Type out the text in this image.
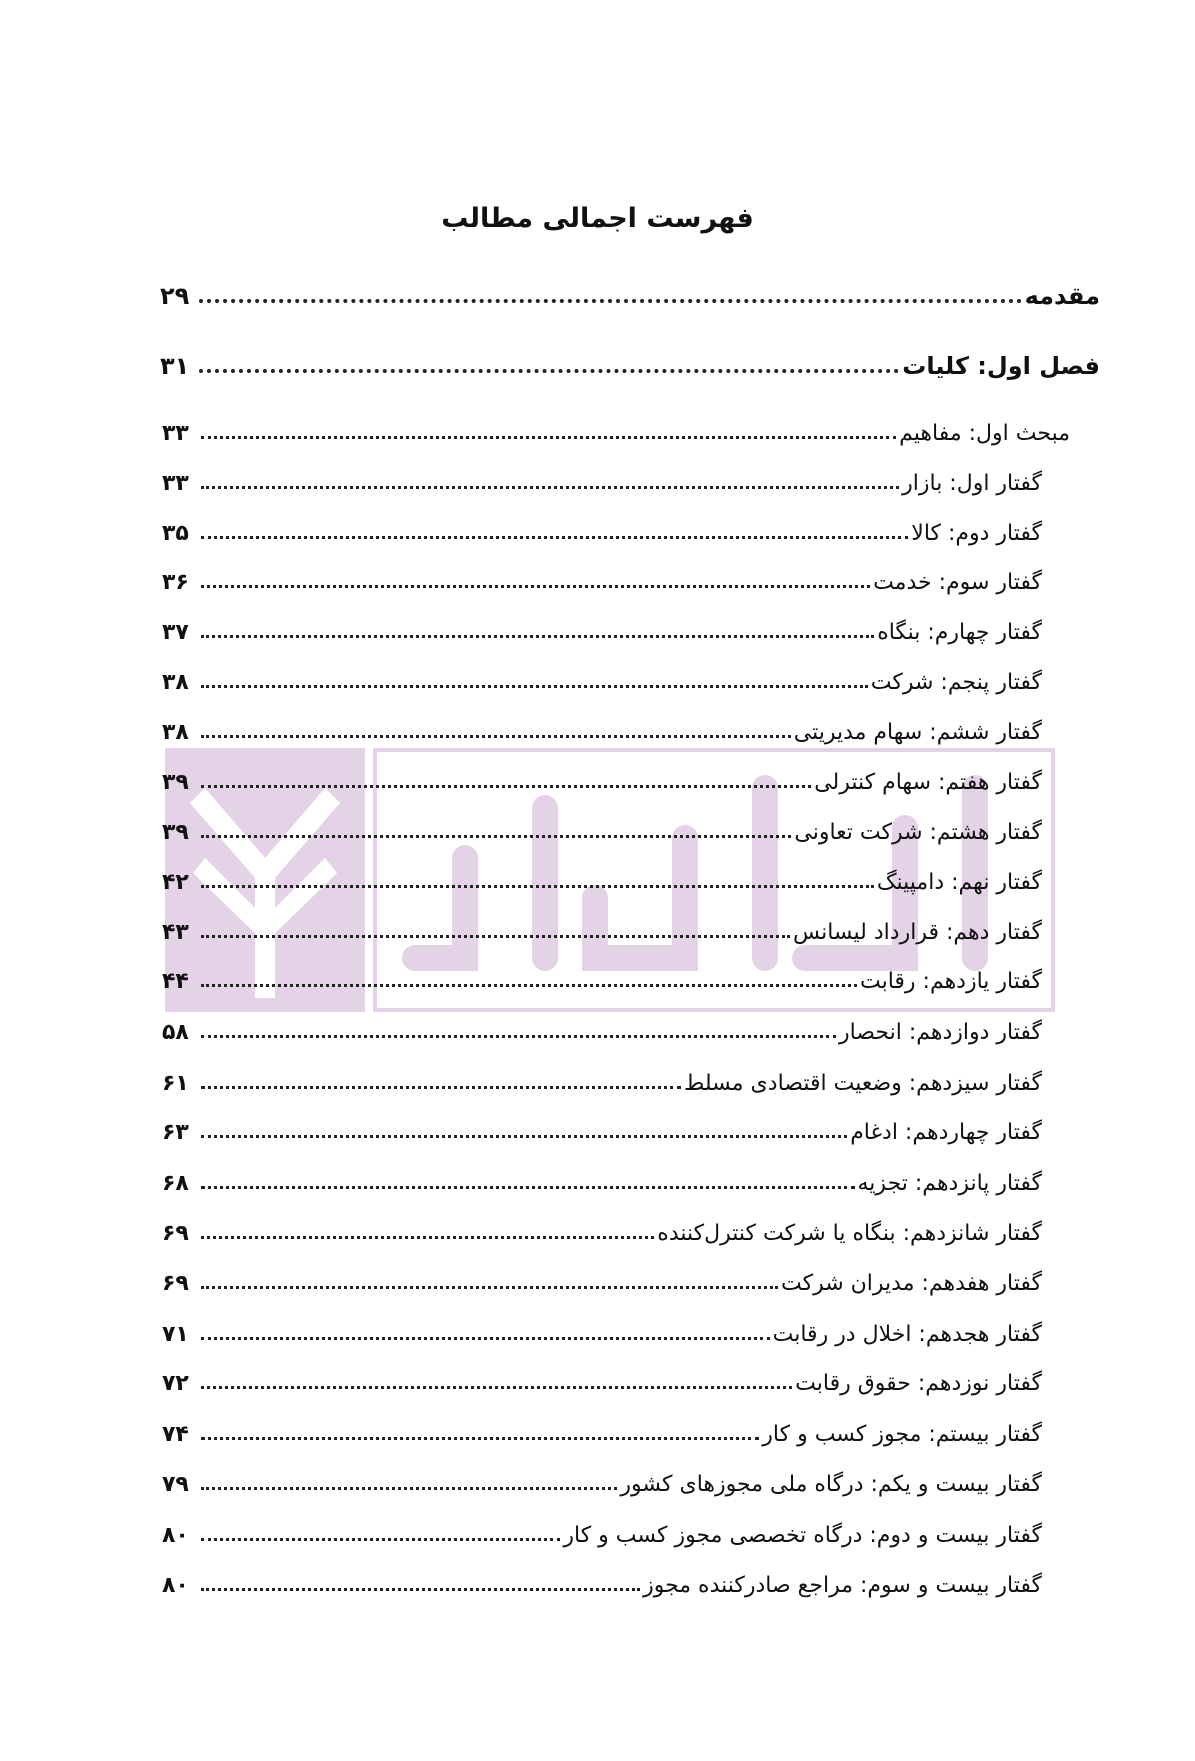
فهرست اجمالی مطالب
مقدمه
۲۹
فصل اول: کلیات
۳۱
مبحث اول: مفاهیم
۳۳
گفتار اول: بازار
۳۳
گفتار دوم: کالا
۳۵
گفتار سوم: خدمت
۳۶
گفتار چهارم: بنگاه
۳۷
گفتار پنجم: شرکت
۳۸
گفتار ششم: سهام مدیریتی
۳۸
گفتار هفتم: سهام کنترلی
۳۹
گفتار هشتم: شرکت تعاونی
۳۹
گفتار نهم: دامپینگ
۴۲
گفتار دهم: قرارداد لیسانس
۴۳
گفتار یازدهم: رقابت
۴۴
گفتار دوازدهم: انحصار
۵۸
گفتار سیزدهم: وضعیت اقتصادی مسلط
۶۱
گفتار چهاردهم: ادغام
۶۳
گفتار پانزدهم: تجزیه
۶۸
گفتار شانزدهم: بنگاه یا شرکت کنترل‌کننده
۶۹
گفتار هفدهم: مدیران شرکت
۶۹
گفتار هجدهم: اخلال در رقابت
۷۱
گفتار نوزدهم: حقوق رقابت
۷۲
گفتار بیستم: مجوز کسب و کار
۷۴
گفتار بیست و یکم: درگاه ملی مجوزهای کشور
۷۹
گفتار بیست و دوم: درگاه تخصصی مجوز کسب و کار
۸۰
گفتار بیست و سوم: مراجع صادرکننده مجوز
۸۰
